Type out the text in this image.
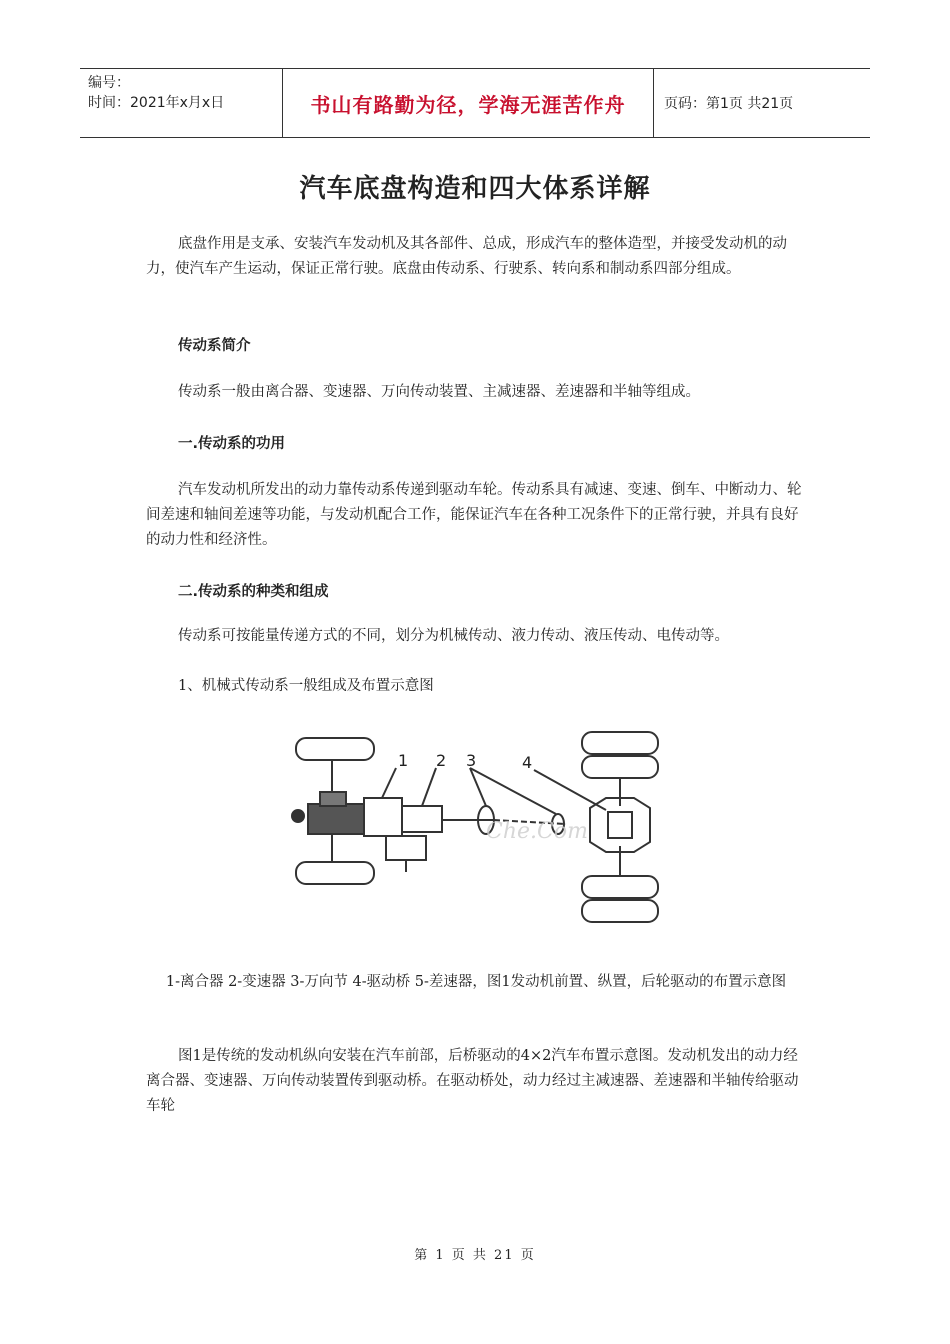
编号：
时间：2021年x月x日	书山有路勤为径，学海无涯苦作舟	页码：第1页 共21页
汽车底盘构造和四大体系详解

底盘作用是支承、安装汽车发动机及其各部件、总成，形成汽车的整体造型，并接受发动机的动力，使汽车产生运动，保证正常行驶。底盘由传动系、行驶系、转向系和制动系四部分组成。

传动系简介

传动系一般由离合器、变速器、万向传动装置、主减速器、差速器和半轴等组成。

一.传动系的功用

汽车发动机所发出的动力靠传动系传递到驱动车轮。传动系具有减速、变速、倒车、中断动力、轮间差速和轴间差速等功能，与发动机配合工作，能保证汽车在各种工况条件下的正常行驶，并具有良好的动力性和经济性。

二.传动系的种类和组成

传动系可按能量传递方式的不同，划分为机械传动、液力传动、液压传动、电传动等。

1、机械式传动系一般组成及布置示意图

1 2 3	4
Che.Com
1-离合器 2-变速器 3-万向节 4-驱动桥 5-差速器，图1发动机前置、纵置，后轮驱动的布置示意图

图1是传统的发动机纵向安装在汽车前部，后桥驱动的4×2汽车布置示意图。发动机发出的动力经离合器、变速器、万向传动装置传到驱动桥。在驱动桥处，动力经过主减速器、差速器和半轴传给驱动车轮

第 1 页 共 21 页
